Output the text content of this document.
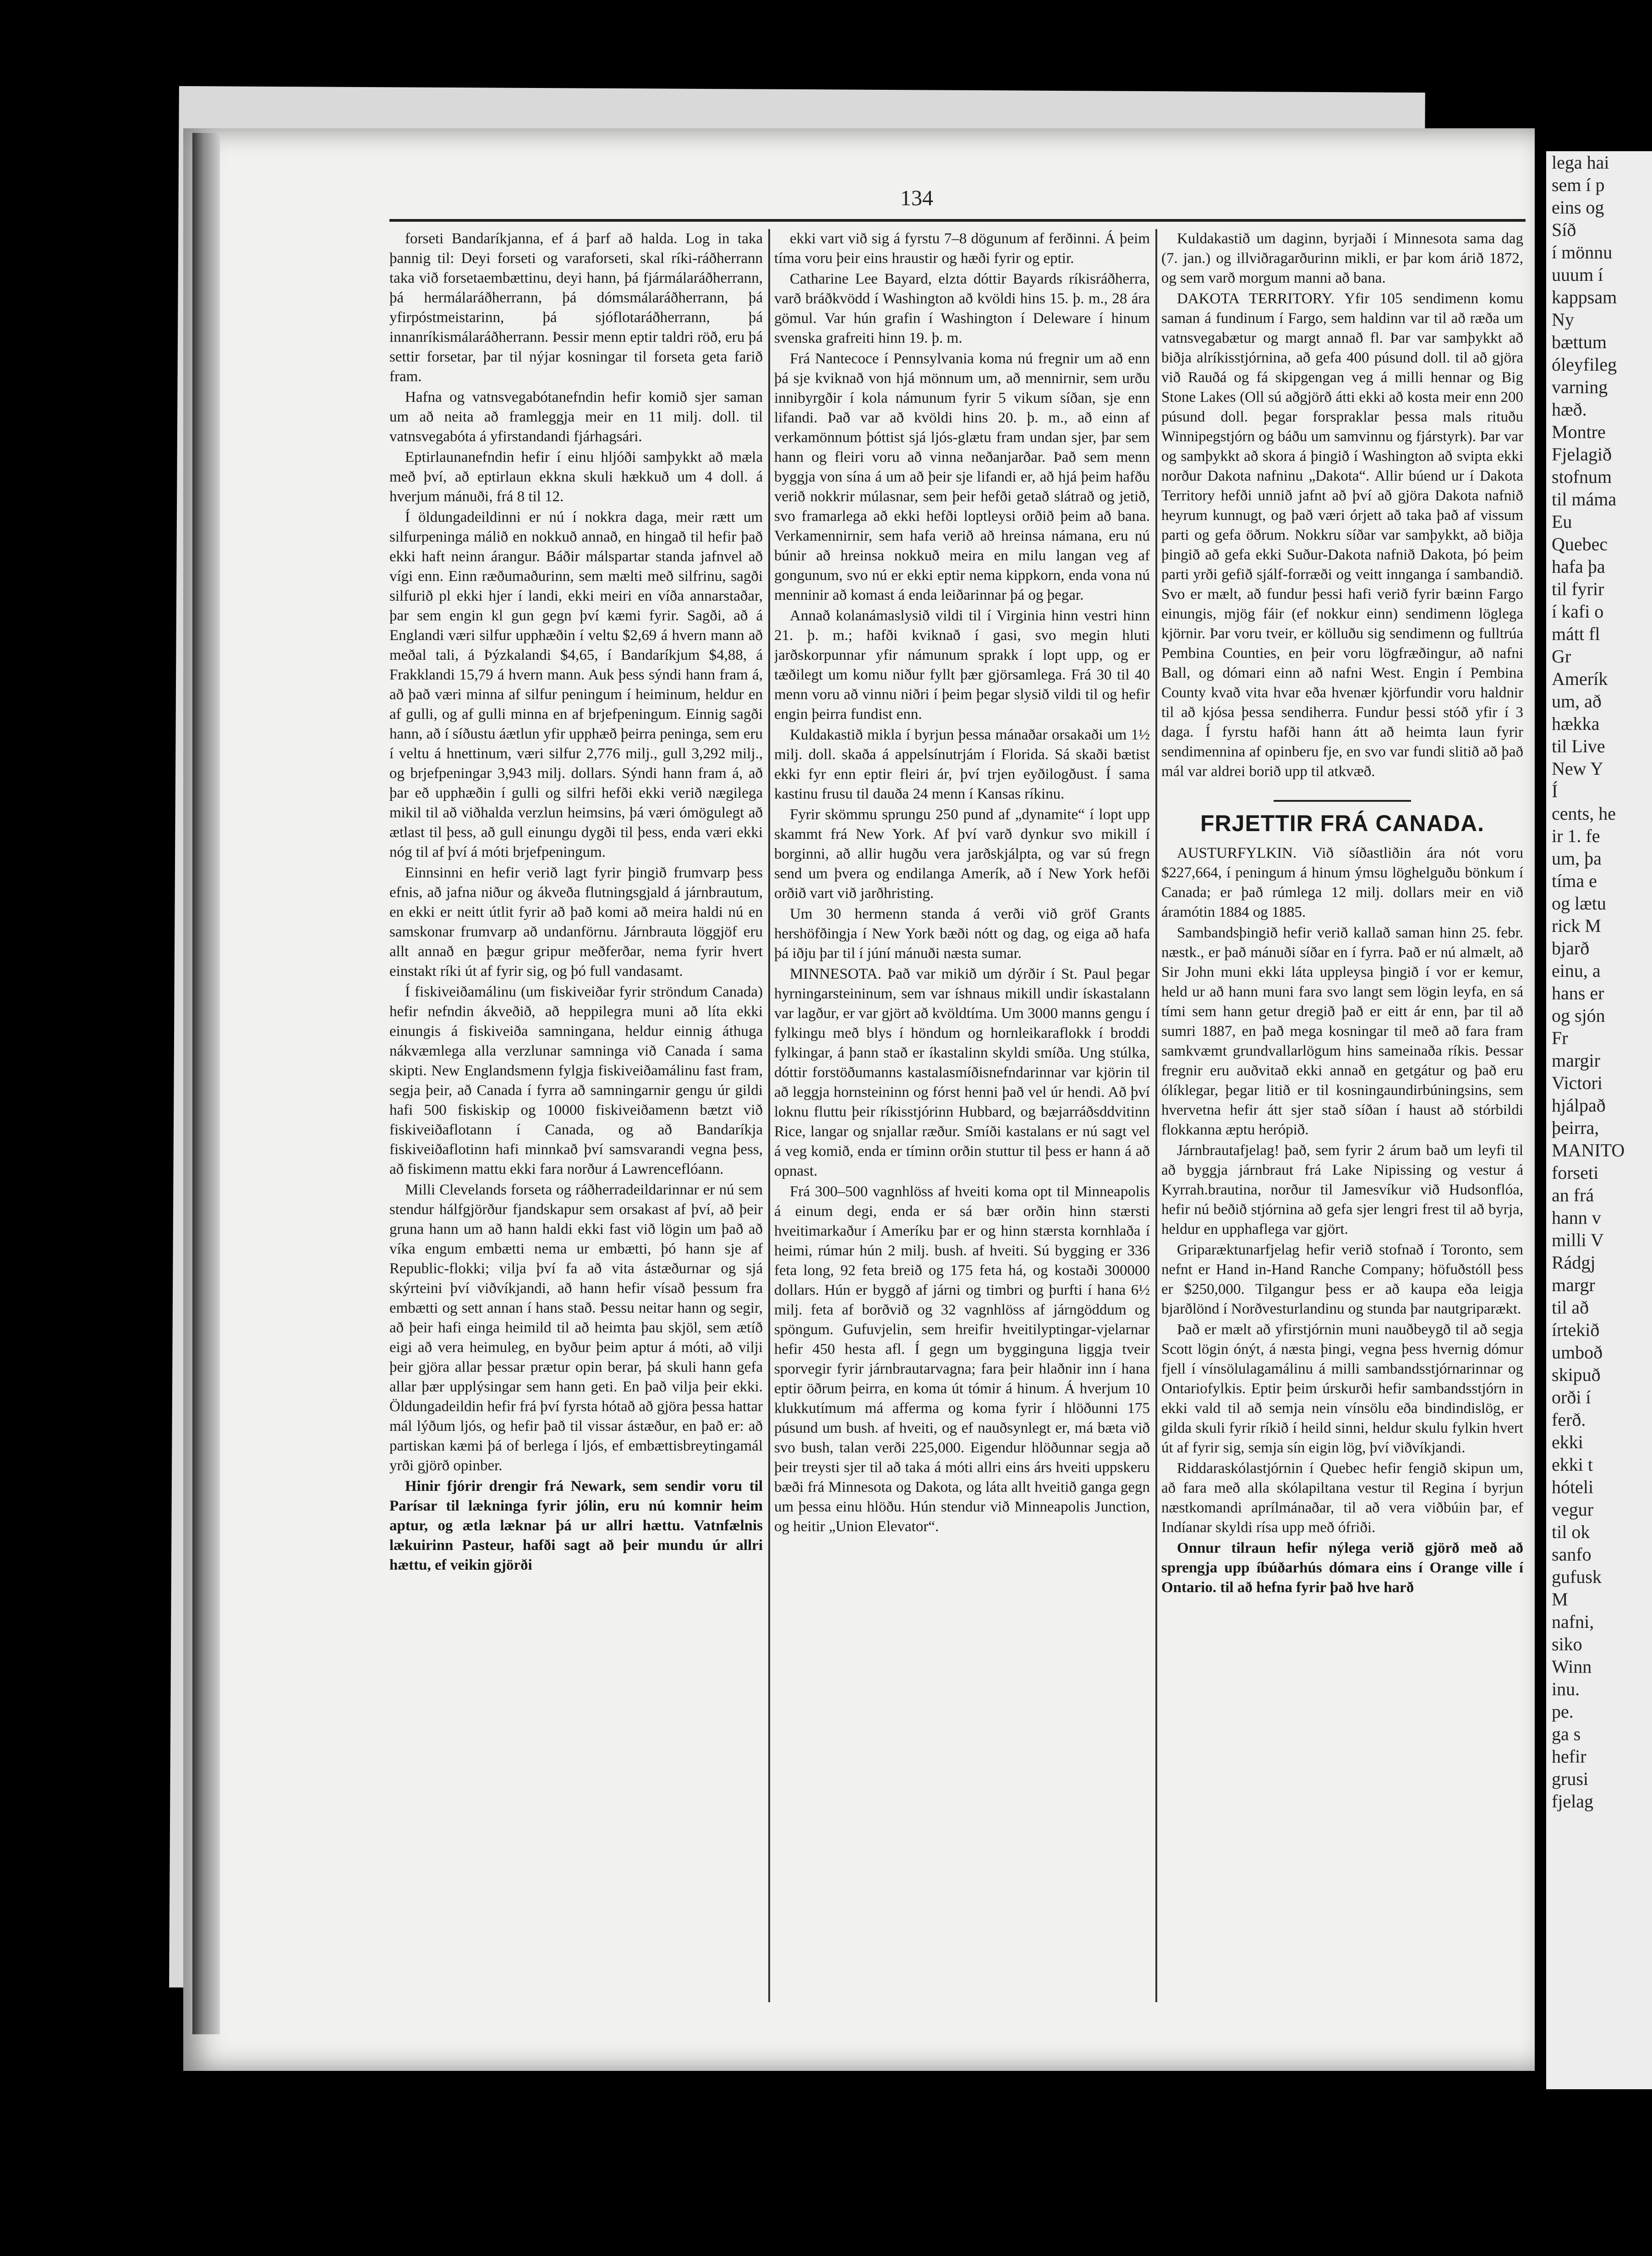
134

forseti Bandaríkjanna, ef á þarf að halda. Log in taka þannig til: Deyi forseti og varaforseti, skal ríki-ráðherrann taka við forsetaembættinu, deyi hann, þá fjármálaráðherrann, þá hermálaráðherrann, þá dómsmálaráðherrann, þá yfirpóstmeistarinn, þá sjóflotaráðherrann, þá innanríkismálaráðherrann. Þessir menn eptir taldri röð, eru þá settir forsetar, þar til nýjar kosningar til forseta geta farið fram.

Hafna og vatnsvegabótanefndin hefir komið sjer saman um að neita að framleggja meir en 11 milj. doll. til vatnsvegabóta á yfirstandandi fjárhagsári.

Eptirlaunanefndin hefir í einu hljóði samþykkt að mæla með því, að eptirlaun ekkna skuli hækkuð um 4 doll. á hverjum mánuði, frá 8 til 12.

Í öldungadeildinni er nú í nokkra daga, meir rætt um silfurpeninga málið en nokkuð annað, en hingað til hefir það ekki haft neinn árangur. Báðir málspartar standa jafnvel að vígi enn. Einn ræðumaðurinn, sem mælti með silfrinu, sagði silfurið pl ekki hjer í landi, ekki meiri en víða annarstaðar, þar sem engin kl gun gegn því kæmi fyrir. Sagði, að á Englandi væri silfur upphæðin í veltu $2,69 á hvern mann að meðal tali, á Þýzkalandi $4,65, í Bandaríkjum $4,88, á Frakklandi 15,79 á hvern mann. Auk þess sýndi hann fram á, að það væri minna af silfur peningum í heiminum, heldur en af gulli, og af gulli minna en af brjefpeningum. Einnig sagði hann, að í síðustu áætlun yfir upphæð þeirra peninga, sem eru í veltu á hnettinum, væri silfur 2,776 milj., gull 3,292 milj., og brjefpeningar 3,943 milj. dollars. Sýndi hann fram á, að þar eð upphæðin í gulli og silfri hefði ekki verið nægilega mikil til að viðhalda verzlun heimsins, þá væri ómögulegt að ætlast til þess, að gull einungu dygði til þess, enda væri ekki nóg til af því á móti brjefpeningum.

Einnsinni en hefir verið lagt fyrir þingið frumvarp þess efnis, að jafna niður og ákveða flutningsgjald á járnbrautum, en ekki er neitt útlit fyrir að það komi að meira haldi nú en samskonar frumvarp að undanförnu. Járnbrauta löggjöf eru allt annað en þægur gripur meðferðar, nema fyrir hvert einstakt ríki út af fyrir sig, og þó full vandasamt.

Í fiskiveiðamálinu (um fiskiveiðar fyrir ströndum Canada) hefir nefndin ákveðið, að heppilegra muni að líta ekki einungis á fiskiveiða samningana, heldur einnig áthuga nákvæmlega alla verzlunar samninga við Canada í sama skipti. New Englandsmenn fylgja fiskiveiðamálinu fast fram, segja þeir, að Canada í fyrra að samningarnir gengu úr gildi hafi 500 fiskiskip og 10000 fiskiveiðamenn bætzt við fiskiveiðaflotann í Canada, og að Bandaríkja fiskiveiðaflotinn hafi minnkað því samsvarandi vegna þess, að fiskimenn mattu ekki fara norður á Lawrenceflóann.

Milli Clevelands forseta og ráðherradeildarinnar er nú sem stendur hálfgjörður fjandskapur sem orsakast af því, að þeir gruna hann um að hann haldi ekki fast við lögin um það að víka engum embætti nema ur embætti, þó hann sje af Republic-flokki; vilja því fa að vita ástæðurnar og sjá skýrteini því viðvíkjandi, að hann hefir vísað þessum fra embætti og sett annan í hans stað. Þessu neitar hann og segir, að þeir hafi einga heimild til að heimta þau skjöl, sem ætíð eigi að vera heimuleg, en byður þeim aptur á móti, að vilji þeir gjöra allar þessar prætur opin berar, þá skuli hann gefa allar þær upplýsingar sem hann geti. En það vilja þeir ekki. Öldungadeildin hefir frá því fyrsta hótað að gjöra þessa hattar mál lýðum ljós, og hefir það til vissar ástæður, en það er: að partiskan kæmi þá of berlega í ljós, ef embættisbreytingamál yrði gjörð opinber.

Hinir fjórir drengir frá Newark, sem sendir voru til Parísar til lækninga fyrir jólin, eru nú komnir heim aptur, og ætla læknar þá ur allri hættu. Vatnfælnis lækuirinn Pasteur, hafði sagt að þeir mundu úr allri hættu, ef veikin gjörði

ekki vart við sig á fyrstu 7–8 dögunum af ferðinni. Á þeim tíma voru þeir eins hraustir og hæði fyrir og eptir.

Catharine Lee Bayard, elzta dóttir Bayards ríkisráðherra, varð bráðkvödd í Washington að kvöldi hins 15. þ. m., 28 ára gömul. Var hún grafin í Washington í Deleware í hinum svenska grafreiti hinn 19. þ. m.

Frá Nantecoce í Pennsylvania koma nú fregnir um að enn þá sje kviknað von hjá mönnum um, að mennirnir, sem urðu innibyrgðir í kola námunum fyrir 5 vikum síðan, sje enn lifandi. Það var að kvöldi hins 20. þ. m., að einn af verkamönnum þóttist sjá ljós-glætu fram undan sjer, þar sem hann og fleiri voru að vinna neðanjarðar. Það sem menn byggja von sína á um að þeir sje lifandi er, að hjá þeim hafðu verið nokkrir múlasnar, sem þeir hefði getað slátrað og jetið, svo framarlega að ekki hefði loptleysi orðið þeim að bana. Verkamennirnir, sem hafa verið að hreinsa námana, eru nú búnir að hreinsa nokkuð meira en milu langan veg af gongunum, svo nú er ekki eptir nema kippkorn, enda vona nú menninir að komast á enda leiðarinnar þá og þegar.

Annað kolanámaslysið vildi til í Virginia hinn vestri hinn 21. þ. m.; hafði kviknað í gasi, svo megin hluti jarðskorpunnar yfir námunum sprakk í lopt upp, og er tæðilegt um komu niður fyllt þær gjörsamlega. Frá 30 til 40 menn voru að vinnu niðri í þeim þegar slysið vildi til og hefir engin þeirra fundist enn.

Kuldakastið mikla í byrjun þessa mánaðar orsakaði um 1½ milj. doll. skaða á appelsínutrjám í Florida. Sá skaði bætist ekki fyr enn eptir fleiri ár, því trjen eyðilogðust. Í sama kastinu frusu til dauða 24 menn í Kansas ríkinu.

Fyrir skömmu sprungu 250 pund af „dynamite“ í lopt upp skammt frá New York. Af því varð dynkur svo mikill í borginni, að allir hugðu vera jarðskjálpta, og var sú fregn send um þvera og endilanga Amerík, að í New York hefði orðið vart við jarðhristing.

Um 30 hermenn standa á verði við gröf Grants hershöfðingja í New York bæði nótt og dag, og eiga að hafa þá iðju þar til í júní mánuði næsta sumar.

MINNESOTA. Það var mikið um dýrðir í St. Paul þegar hyrningarsteininum, sem var íshnaus mikill undir ískastalann var lagður, er var gjört að kvöldtíma. Um 3000 manns gengu í fylkingu með blys í höndum og hornleikaraflokk í broddi fylkingar, á þann stað er íkastalinn skyldi smíða. Ung stúlka, dóttir forstöðumanns kastalasmíðisnefndarinnar var kjörin til að leggja hornsteininn og fórst henni það vel úr hendi. Að því loknu fluttu þeir ríkisstjórinn Hubbard, og bæjarráðsddvitinn Rice, langar og snjallar ræður. Smíði kastalans er nú sagt vel á veg komið, enda er tíminn orðin stuttur til þess er hann á að opnast.

Frá 300–500 vagnhlöss af hveiti koma opt til Minneapolis á einum degi, enda er sá bær orðin hinn stærsti hveitimarkaður í Ameríku þar er og hinn stærsta kornhlaða í heimi, rúmar hún 2 milj. bush. af hveiti. Sú bygging er 336 feta long, 92 feta breið og 175 feta há, og kostaði 300000 dollars. Hún er byggð af járni og timbri og þurfti í hana 6½ milj. feta af borðvið og 32 vagnhlöss af járngöddum og spöngum. Gufuvjelin, sem hreifir hveitilyptingar-vjelarnar hefir 450 hesta afl. Í gegn um bygginguna liggja tveir sporvegir fyrir járnbrautarvagna; fara þeir hlaðnir inn í hana eptir öðrum þeirra, en koma út tómir á hinum. Á hverjum 10 klukkutímum má afferma og koma fyrir í hlöðunni 175 púsund um bush. af hveiti, og ef nauðsynlegt er, má bæta við svo bush, talan verði 225,000. Eigendur hlöðunnar segja að þeir treysti sjer til að taka á móti allri eins árs hveiti uppskeru bæði frá Minnesota og Dakota, og láta allt hveitið ganga gegn um þessa einu hlöðu. Hún stendur við Minneapolis Junction, og heitir „Union Elevator“.

Kuldakastið um daginn, byrjaði í Minnesota sama dag (7. jan.) og illviðragarðurinn mikli, er þar kom árið 1872, og sem varð morgum manni að bana.

DAKOTA TERRITORY. Yfir 105 sendimenn komu saman á fundinum í Fargo, sem haldinn var til að ræða um vatnsvegabætur og margt annað fl. Þar var samþykkt að biðja alríkisstjórnina, að gefa 400 púsund doll. til að gjöra við Rauðá og fá skipgengan veg á milli hennar og Big Stone Lakes (Oll sú aðgjörð átti ekki að kosta meir enn 200 púsund doll. þegar forspraklar þessa mals rituðu Winnipegstjórn og báðu um samvinnu og fjárstyrk). Þar var og samþykkt að skora á þingið í Washington að svipta ekki norður Dakota nafninu „Dakota“. Allir búend ur í Dakota Territory hefði unnið jafnt að því að gjöra Dakota nafnið heyrum kunnugt, og það væri órjett að taka það af vissum parti og gefa öðrum. Nokkru síðar var samþykkt, að biðja þingið að gefa ekki Suður-Dakota nafnið Dakota, þó þeim parti yrði gefið sjálf-forræði og veitt innganga í sambandið. Svo er mælt, að fundur þessi hafi verið fyrir bæinn Fargo einungis, mjög fáir (ef nokkur einn) sendimenn löglega kjörnir. Þar voru tveir, er kölluðu sig sendimenn og fulltrúa Pembina Counties, en þeir voru lögfræðingur, að nafni Ball, og dómari einn að nafni West. Engin í Pembina County kvað vita hvar eða hvenær kjörfundir voru haldnir til að kjósa þessa sendiherra. Fundur þessi stóð yfir í 3 daga. Í fyrstu hafði hann átt að heimta laun fyrir sendimennina af opinberu fje, en svo var fundi slitið að það mál var aldrei borið upp til atkvæð.

FRJETTIR FRÁ CANADA.

AUSTURFYLKIN. Við síðastliðin ára nót voru $227,664, í peningum á hinum ýmsu löghelguðu bönkum í Canada; er það rúmlega 12 milj. dollars meir en við áramótin 1884 og 1885.

Sambandsþingið hefir verið kallað saman hinn 25. febr. næstk., er það mánuði síðar en í fyrra. Það er nú almælt, að Sir John muni ekki láta uppleysa þingið í vor er kemur, held ur að hann muni fara svo langt sem lögin leyfa, en sá tími sem hann getur dregið það er eitt ár enn, þar til að sumri 1887, en það mega kosningar til með að fara fram samkvæmt grundvallarlögum hins sameinaða ríkis. Þessar fregnir eru auðvitað ekki annað en getgátur og það eru ólíklegar, þegar litið er til kosningaundirbúningsins, sem hvervetna hefir átt sjer stað síðan í haust að stórbildi flokkanna æptu herópið.

Járnbrautafjelag! það, sem fyrir 2 árum bað um leyfi til að byggja járnbraut frá Lake Nipissing og vestur á Kyrrah.brautina, norður til Jamesvíkur við Hudsonflóa, hefir nú beðið stjórnina að gefa sjer lengri frest til að byrja, heldur en upphaflega var gjört.

Griparæktunarfjelag hefir verið stofnað í Toronto, sem nefnt er Hand in-Hand Ranche Company; höfuðstóll þess er $250,000. Tilgangur þess er að kaupa eða leigja bjarðlönd í Norðvesturlandinu og stunda þar nautgriparækt.

Það er mælt að yfirstjórnin muni nauðbeygð til að segja Scott lögin ónýt, á næsta þingi, vegna þess hvernig dómur fjell í vínsölulagamálinu á milli sambandsstjórnarinnar og Ontariofylkis. Eptir þeim úrskurði hefir sambandsstjórn in ekki vald til að semja nein vínsölu eða bindindislög, er gilda skuli fyrir ríkið í heild sinni, heldur skulu fylkin hvert út af fyrir sig, semja sín eigin lög, því viðvíkjandi.

Riddaraskólastjórnin í Quebec hefir fengið skipun um, að fara með alla skólapiltana vestur til Regina í byrjun næstkomandi aprílmánaðar, til að vera viðbúin þar, ef Indíanar skyldi rísa upp með ófriði.

Onnur tilraun hefir nýlega verið gjörð með að sprengja upp íbúðarhús dómara eins í Orange ville í Ontario. til að hefna fyrir það hve harð

lega hai
sem í p
eins og
Síð
í mönnu
uuum í
kappsam
Ny
bættum
óleyfileg
varning
hæð.
Montre
Fjelagið
stofnum
til máma
Eu
Quebec
hafa þa
til fyrir
í kafi o
mátt fl
Gr
Amerík
um, að
hækka
til Live
New Y
Í
cents, he
ir 1. fe
um, þa
tíma e
og lætu
rick M
bjarð
einu, a
hans er
og sjón
Fr
margir
Victori
hjálpað
þeirra,
MANITO
forseti
an frá
hann v
milli V
Rádgj
margr
til að
írtekið
umboð
skipuð
orði í
ferð.
ekki
ekki t
hóteli
vegur
til ok
sanfo
gufusk
M
nafni,
siko
Winn
inu.
pe.
ga s
hefir
grusi
fjelag
